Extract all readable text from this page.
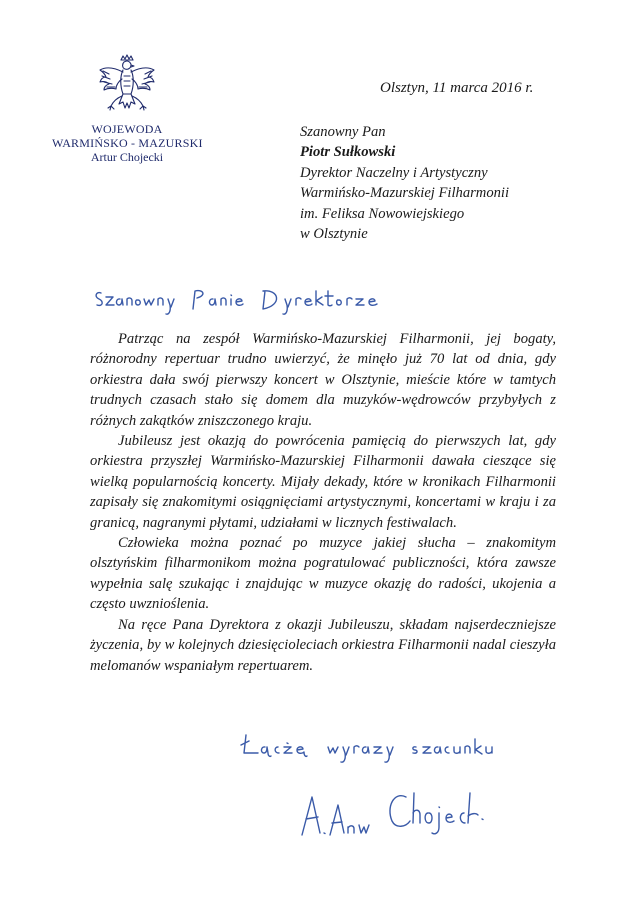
WOJEWODA
WARMIŃSKO - MAZURSKI
Artur Chojecki
Olsztyn, 11 marca 2016 r.
Szanowny Pan
Piotr Sułkowski
Dyrektor Naczelny i Artystyczny
Warmińsko-Mazurskiej Filharmonii
im. Feliksa Nowowiejskiego
w Olsztynie

Patrząc na zespół Warmińsko-Mazurskiej Filharmonii, jej bogaty, różnorodny repertuar trudno uwierzyć, że minęło już 70 lat od dnia, gdy orkiestra dała swój pierwszy koncert w Olsztynie, mieście które w tamtych trudnych czasach stało się domem dla muzyków-wędrowców przybyłych z różnych zakątków zniszczonego kraju.

Jubileusz jest okazją do powrócenia pamięcią do pierwszych lat, gdy orkiestra przyszłej Warmińsko-Mazurskiej Filharmonii dawała cieszące się wielką popularnością koncerty. Mijały dekady, które w kronikach Filharmonii zapisały się znakomitymi osiągnięciami artystycznymi, koncertami w kraju i za granicą, nagranymi płytami, udziałami w licznych festiwalach.

Człowieka można poznać po muzyce jakiej słucha – znakomitym olsztyńskim filharmonikom można pogratulować publiczności, która zawsze wypełnia salę szukając i znajdując w muzyce okazję do radości, ukojenia a często uwznioślenia.

Na ręce Pana Dyrektora z okazji Jubileuszu, składam najserdeczniejsze życzenia, by w kolejnych dziesięcioleciach orkiestra Filharmonii nadal cieszyła melomanów wspaniałym repertuarem.
